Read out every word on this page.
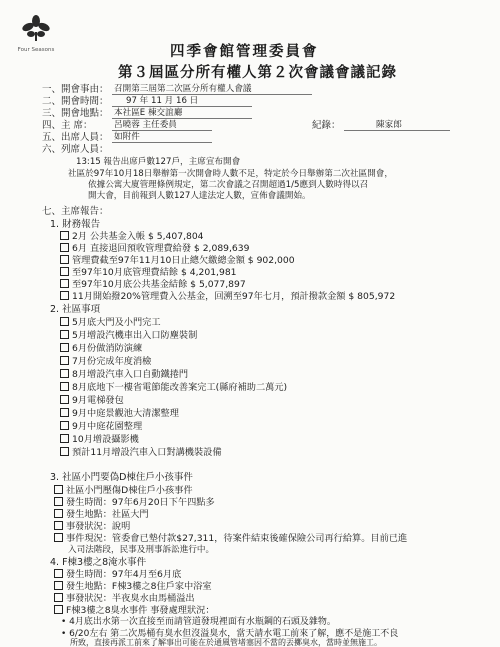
Four Seasons	四季會館管理委員會
第３屆區分所有權人第２次會議會議記錄
一、開會事由： 召開第三屆第二次區分所有權人會議
二、開會時間： 97 年 11 月 16 日
三、開會地點： 本社區E 棟交誼廳
四、主 席： 呂曉蓉 主任委員	紀錄：	陳家郎
五、出席人員： 如附件
六、列席人員：
13:15 報告出席戶數127戶，主席宣布開會
社區於97年10月18日舉辦第一次開會時人數不足，特定於今日舉辦第二次社區開會，
依據公寓大廈管理條例規定，第二次會議之召開超過1/5應到人數時得以召
開大會，目前報到人數127人達法定人數，宣佈會議開始。
七、主席報告：
1. 財務報告
2月 公共基金入帳 $ 5,407,804
6月 直接退回預收管理費給發 $ 2,089,639
管理費截至97年11月10日止總欠繳總金額 $ 902,000
至97年10月底管理費結餘 $ 4,201,981
至97年10月底公共基金結餘 $ 5,077,897
11月開始撥20%管理費入公基金，回溯至97年七月，預計撥款金額 $ 805,972
2. 社區事項
5月底大門及小門完工
5月增設汽機車出入口防塵裝制
6月份做消防演練
7月份完成年度消檢
8月增設汽車入口自動鐵捲門
8月底地下一樓省電節能改善案完工(縣府補助二萬元)
9月電梯發包
9月中庭景觀池大清潔整理
9月中庭花園整理
10月增設攝影機
預計11月增設汽車入口對講機裝設備
3. 社區小門要偽D棟住戶小孩事件
社區小門壓傷D棟住戶小孩事件
發生時間：97年6月20日下午四點多
發生地點：社區大門
事發狀況：說明
事件現況：管委會已墊付款$27,311，待案件結束後確保險公司再行給算。目前已進
入司法階段，民事及刑事訴訟進行中。
4. F棟3樓之8淹水事件
發生時間：97年4月至6月底
發生地點：F棟3樓之8住戶家中浴室
事發狀況：半夜臭水由馬桶溢出
F棟3樓之8臭水事件 事發處理狀況：
• 4月底出水第一次直接至而請管道發現裡面有水瓶鋼的石頭及雜物。
• 6/20左右 第二次馬桶有臭水但沒溢臭水，當天請水電工前來了解，應不是施工不良
所致，直接再派工前來了解事出可能在於通風管堵塞因不當的丟擲臭水，當時並無施工。
